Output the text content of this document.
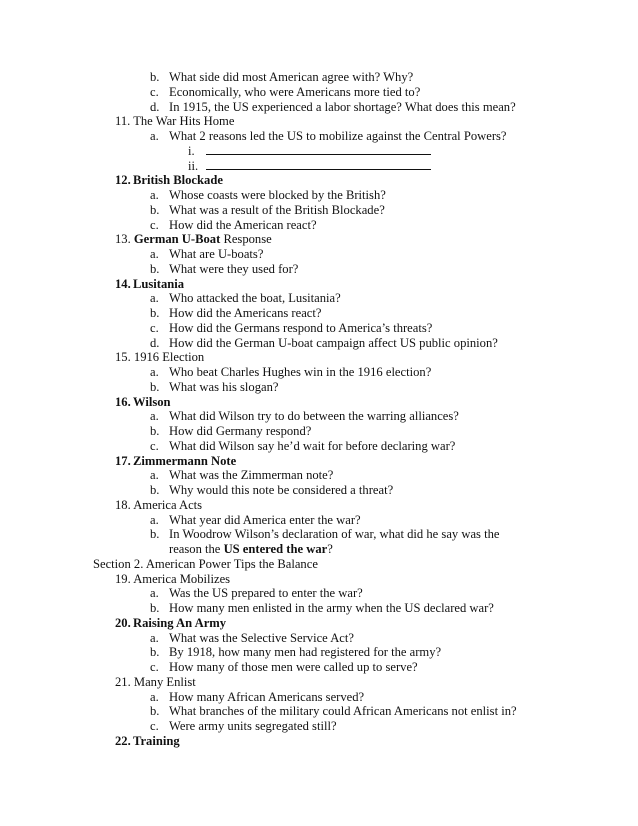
b. What side did most American agree with? Why?
c. Economically, who were Americans more tied to?
d. In 1915, the US experienced a labor shortage? What does this mean?
11. The War Hits Home
a. What 2 reasons led the US to mobilize against the Central Powers?
i.
ii.
12. British Blockade
a. Whose coasts were blocked by the British?
b. What was a result of the British Blockade?
c. How did the American react?
13. German U-Boat Response
a. What are U-boats?
b. What were they used for?
14. Lusitania
a. Who attacked the boat, Lusitania?
b. How did the Americans react?
c. How did the Germans respond to America’s threats?
d. How did the German U-boat campaign affect US public opinion?
15. 1916 Election
a. Who beat Charles Hughes win in the 1916 election?
b. What was his slogan?
16. Wilson
a. What did Wilson try to do between the warring alliances?
b. How did Germany respond?
c. What did Wilson say he’d wait for before declaring war?
17. Zimmermann Note
a. What was the Zimmerman note?
b. Why would this note be considered a threat?
18. America Acts
a. What year did America enter the war?
b. In Woodrow Wilson’s declaration of war, what did he say was the
reason the US entered the war?
Section 2. American Power Tips the Balance
19. America Mobilizes
a. Was the US prepared to enter the war?
b. How many men enlisted in the army when the US declared war?
20. Raising An Army
a. What was the Selective Service Act?
b. By 1918, how many men had registered for the army?
c. How many of those men were called up to serve?
21. Many Enlist
a. How many African Americans served?
b. What branches of the military could African Americans not enlist in?
c. Were army units segregated still?
22. Training
